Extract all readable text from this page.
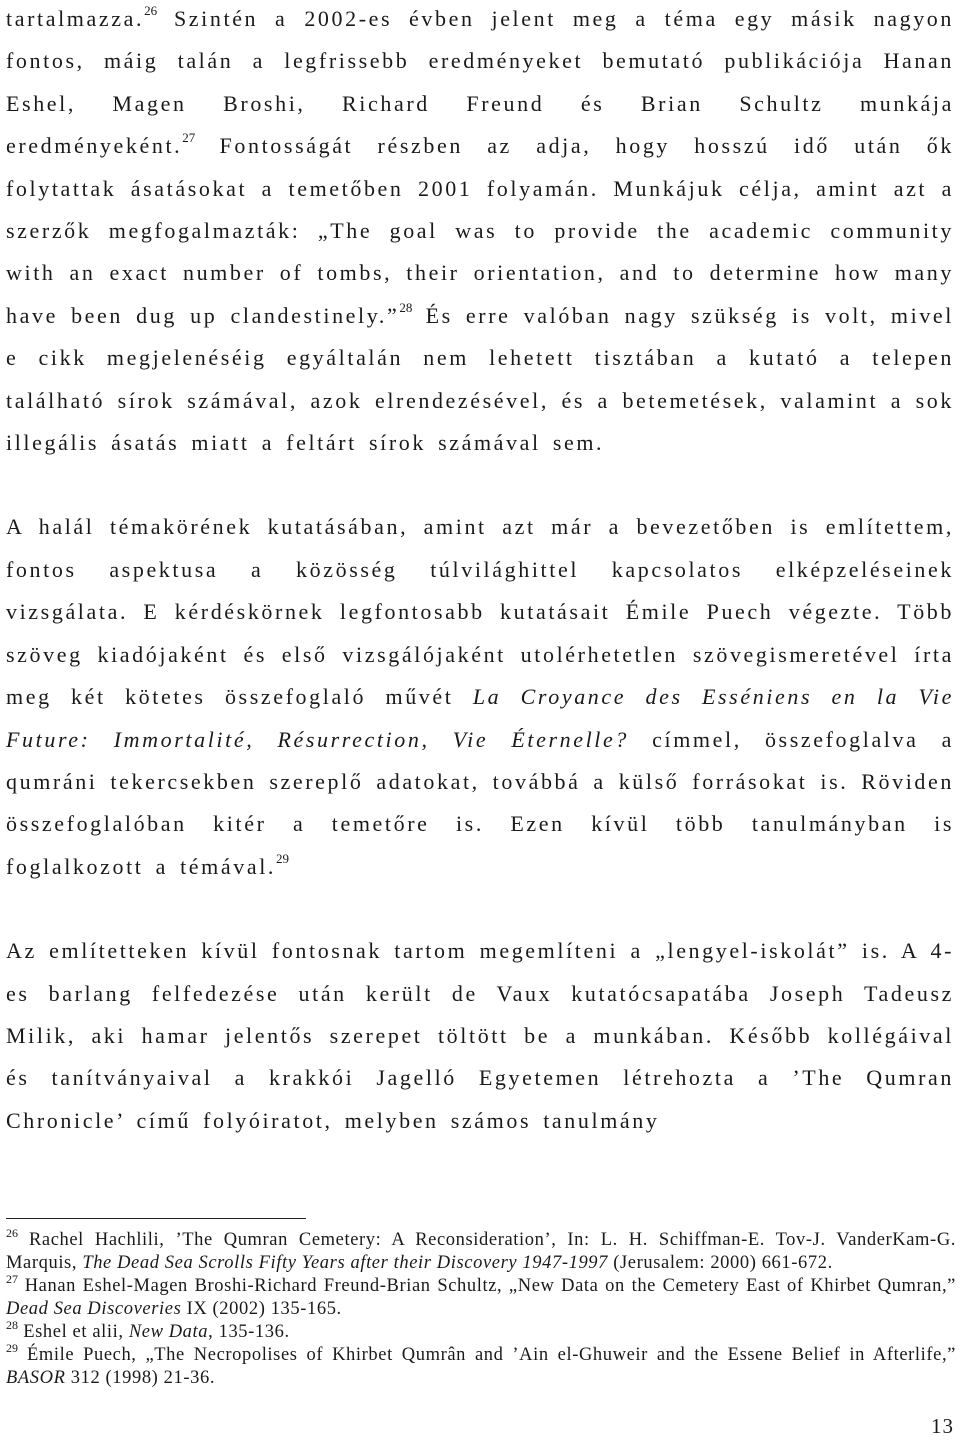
tartalmazza.$^{26}$ Szintén a 2002-es évben jelent meg a téma egy másik nagyon fontos, máig talán a legfrissebb eredményeket bemutató publikációja Hanan Eshel, Magen Broshi, Richard Freund és Brian Schultz munkája eredményeként.$^{27}$ Fontosságát részben az adja, hogy hosszú idő után ők folytattak ásatásokat a temetőben 2001 folyamán. Munkájuk célja, amint azt a szerzők megfogalmazták: „The goal was to provide the academic community with an exact number of tombs, their orientation, and to determine how many have been dug up clandestinely.”$^{28}$ És erre valóban nagy szükség is volt, mivel e cikk megjelenéséig egyáltalán nem lehetett tisztában a kutató a telepen található sírok számával, azok elrendezésével, és a betemetések, valamint a sok illegális ásatás miatt a feltárt sírok számával sem.

A halál témakörének kutatásában, amint azt már a bevezetőben is említettem, fontos aspektusa a közösség túlvilághittel kapcsolatos elképzeléseinek vizsgálata. E kérdéskörnek legfontosabb kutatásait Émile Puech végezte. Több szöveg kiadójaként és első vizsgálójaként utolérhetetlen szövegismeretével írta meg két kötetes összefoglaló művét La Croyance des Esséniens en la Vie Future: Immortalité, Résurrection, Vie Éternelle? címmel, összefoglalva a qumráni tekercsekben szereplő adatokat, továbbá a külső forrásokat is. Röviden összefoglalóban kitér a temetőre is. Ezen kívül több tanulmányban is foglalkozott a témával.$^{29}$

Az említetteken kívül fontosnak tartom megemlíteni a „lengyel-iskolát” is. A 4-es barlang felfedezése után került de Vaux kutatócsapatába Joseph Tadeusz Milik, aki hamar jelentős szerepet töltött be a munkában. Később kollégáival és tanítványaival a krakkói Jagelló Egyetemen létrehozta a ’The Qumran Chronicle’ című folyóiratot, melyben számos tanulmány

$^{26}$ Rachel Hachlili, ’The Qumran Cemetery: A Reconsideration’, In: L. H. Schiffman-E. Tov-J. VanderKam-G. Marquis, The Dead Sea Scrolls Fifty Years after their Discovery 1947-1997 (Jerusalem: 2000) 661-672.

$^{27}$ Hanan Eshel-Magen Broshi-Richard Freund-Brian Schultz, „New Data on the Cemetery East of Khirbet Qumran,” Dead Sea Discoveries IX (2002) 135-165.

$^{28}$ Eshel et alii, New Data, 135-136.

$^{29}$ Émile Puech, „The Necropolises of Khirbet Qumrân and ’Ain el-Ghuweir and the Essene Belief in Afterlife,” BASOR 312 (1998) 21-36.

13
